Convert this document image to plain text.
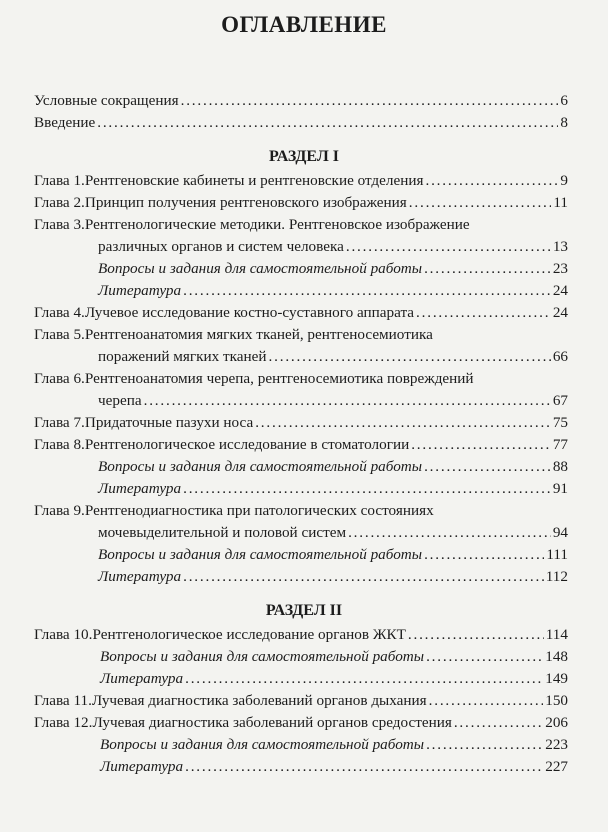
ОГЛАВЛЕНИЕ
Условные сокращения . . .	6
Введение . . .	8
РАЗДЕЛ I
Глава 1. Рентгеновские кабинеты и рентгеновские отделения . . .	9
Глава 2. Принцип получения рентгеновского изображения . . .	11
Глава 3. Рентгенологические методики. Рентгеновское изображение
различных органов и систем человека . . .	13
Вопросы и задания для самостоятельной работы . . .	23
Литература . . .	24
Глава 4. Лучевое исследование костно-суставного аппарата . . .	24
Глава 5. Рентгеноанатомия мягких тканей, рентгеносемиотика
поражений мягких тканей . . .	66
Глава 6. Рентгеноанатомия черепа, рентгеносемиотика повреждений
черепа . . .	67
Глава 7. Придаточные пазухи носа . . .	75
Глава 8. Рентгенологическое исследование в стоматологии . . .	77
Вопросы и задания для самостоятельной работы . . .	88
Литература . . .	91
Глава 9. Рентгенодиагностика при патологических состояниях
мочевыделительной и половой систем . . .	94
Вопросы и задания для самостоятельной работы . . .	111
Литература . . .	112
РАЗДЕЛ II
Глава 10. Рентгенологическое исследование органов ЖКТ . . .	114
Вопросы и задания для самостоятельной работы . . .	148
Литература . . .	149
Глава 11. Лучевая диагностика заболеваний органов дыхания . . .	150
Глава 12. Лучевая диагностика заболеваний органов средостения . . .	206
Вопросы и задания для самостоятельной работы . . .	223
Литература . . .	227
